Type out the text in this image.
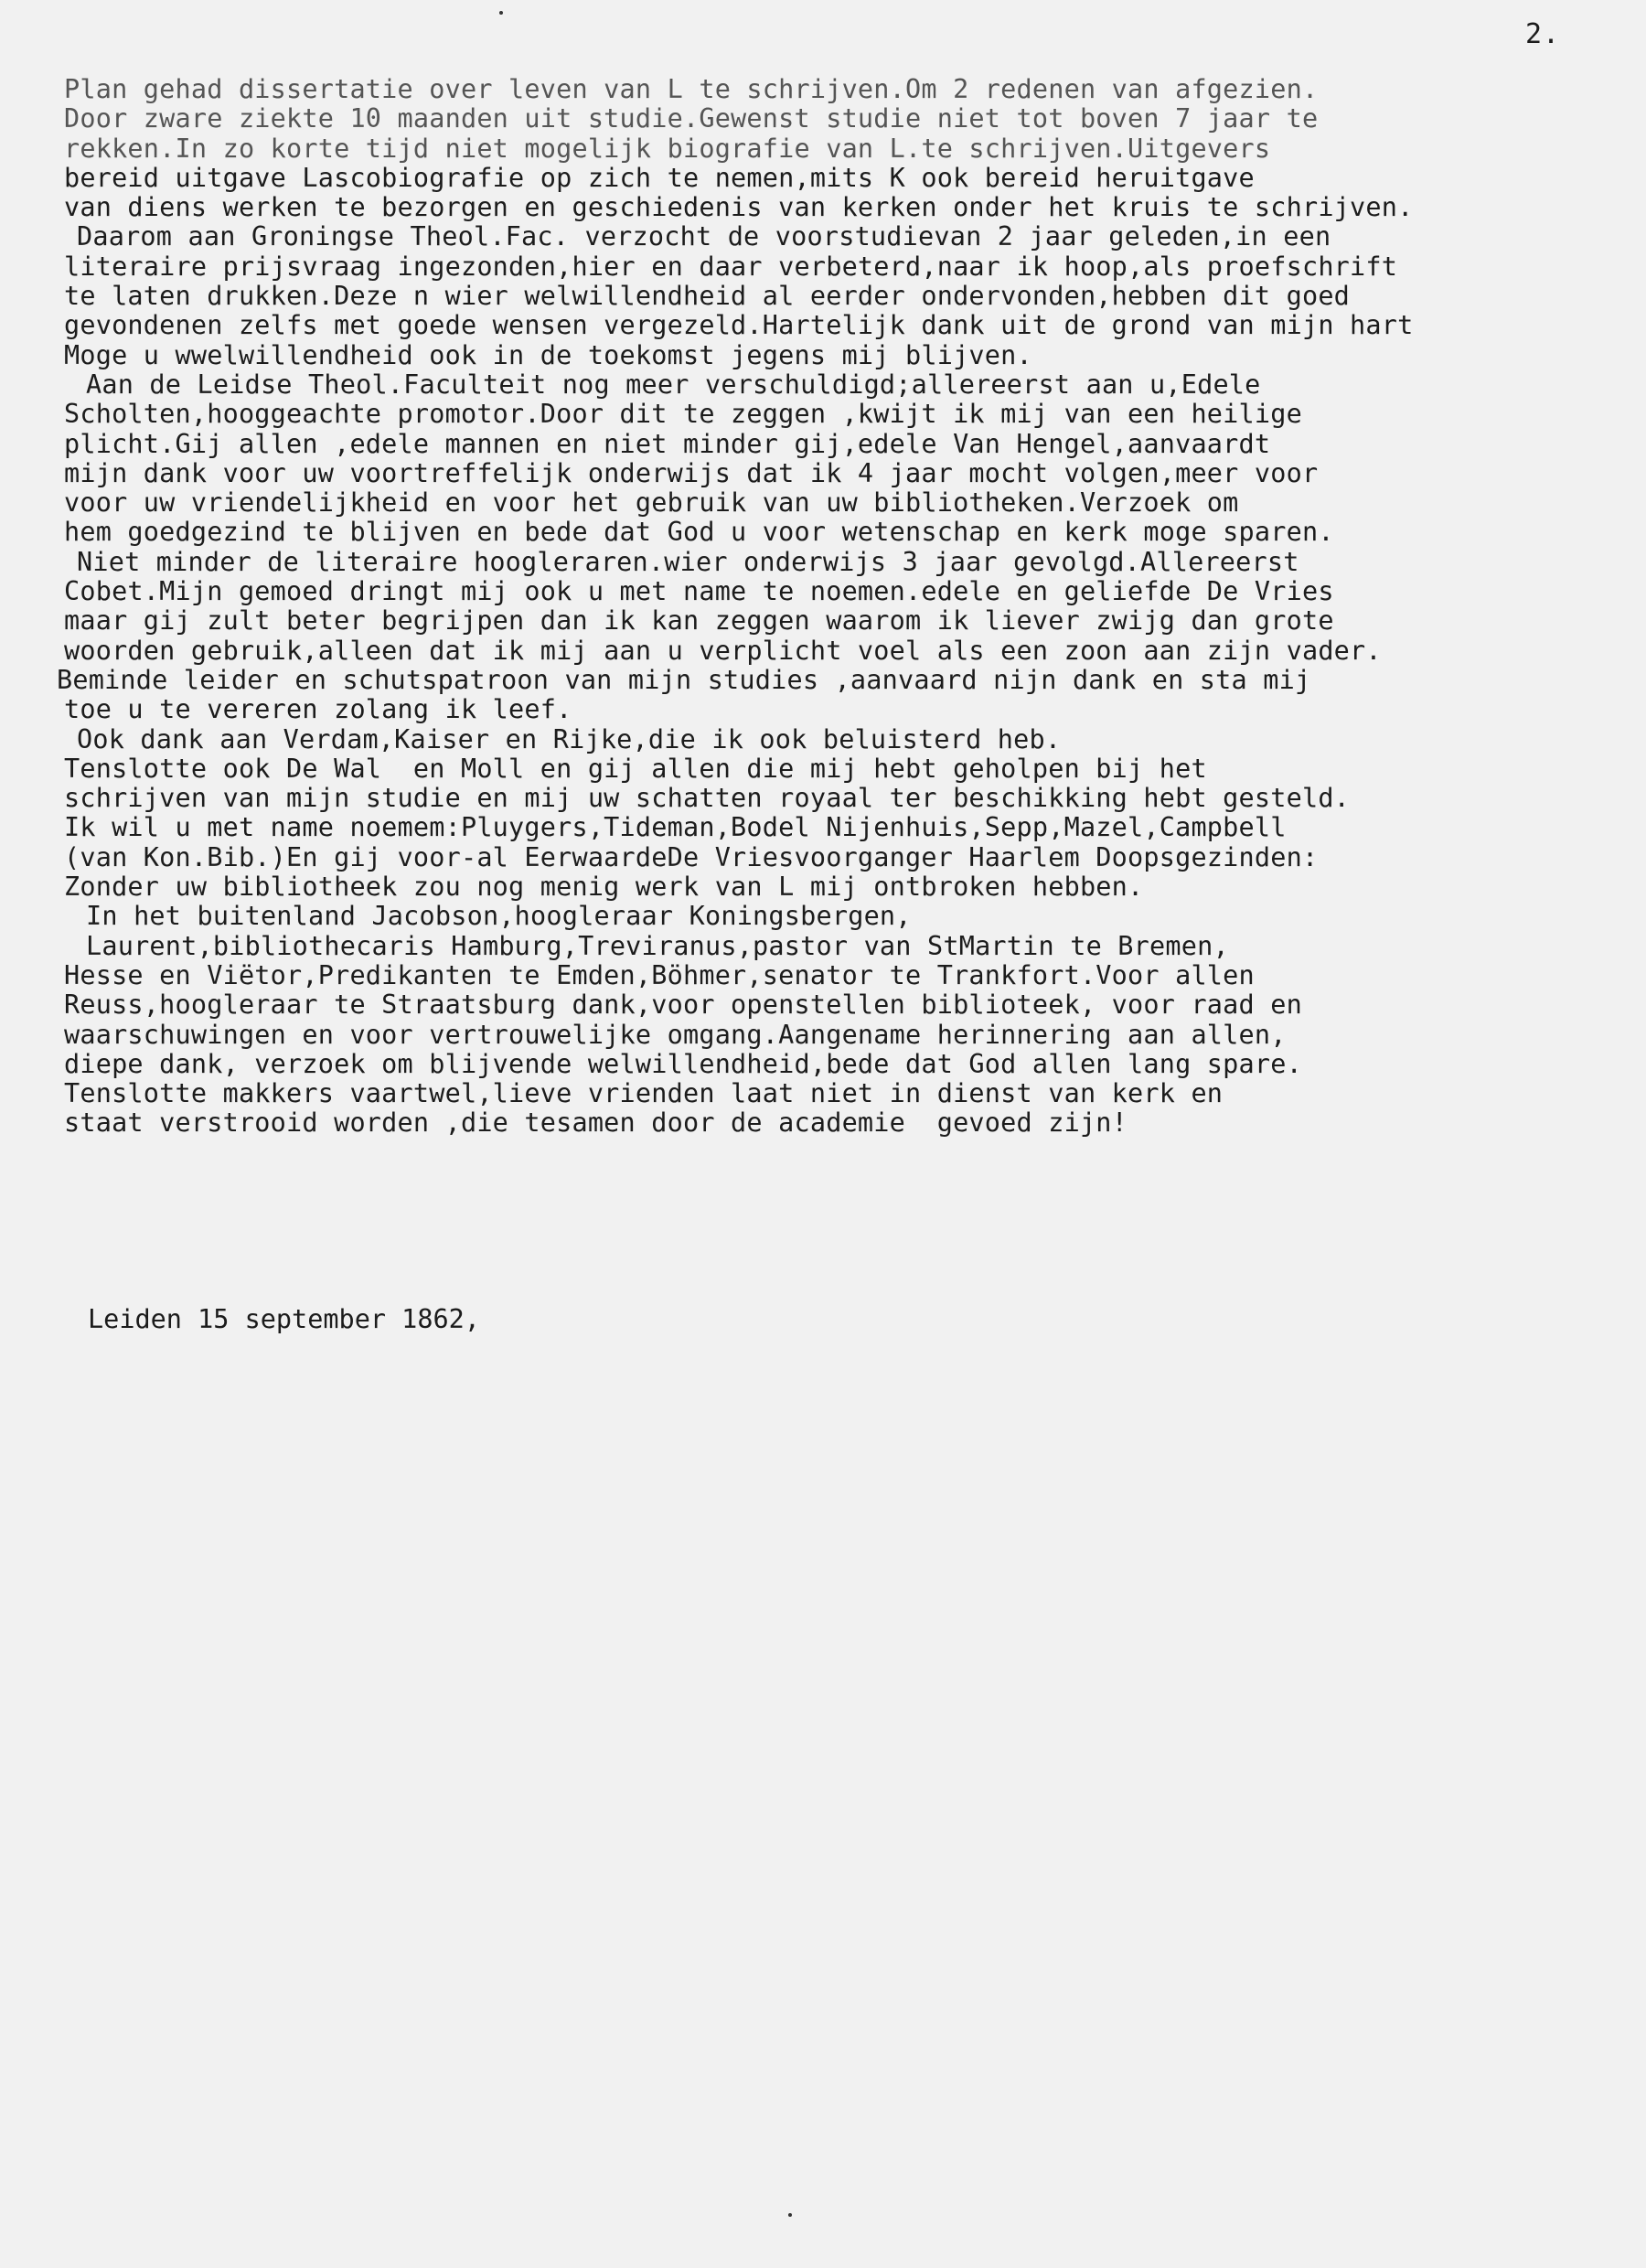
2.
Plan gehad dissertatie over leven van L te schrijven.Om 2 redenen van afgezien.
Door zware ziekte 10 maanden uit studie.Gewenst studie niet tot boven 7 jaar te
rekken.In zo korte tijd niet mogelijk biografie van L.te schrijven.Uitgevers
bereid uitgave Lascobiografie op zich te nemen,mits K ook bereid heruitgave
van diens werken te bezorgen en geschiedenis van kerken onder het kruis te schrijven.
Daarom aan Groningse Theol.Fac. verzocht de voorstudievan 2 jaar geleden,in een
literaire prijsvraag ingezonden,hier en daar verbeterd,naar ik hoop,als proefschrift
te laten drukken.Deze n wier welwillendheid al eerder ondervonden,hebben dit goed
gevondenen zelfs met goede wensen vergezeld.Hartelijk dank uit de grond van mijn hart
Moge u wwelwillendheid ook in de toekomst jegens mij blijven.
Aan de Leidse Theol.Faculteit nog meer verschuldigd;allereerst aan u,Edele
Scholten,hooggeachte promotor.Door dit te zeggen ,kwijt ik mij van een heilige
plicht.Gij allen ,edele mannen en niet minder gij,edele Van Hengel,aanvaardt
mijn dank voor uw voortreffelijk onderwijs dat ik 4 jaar mocht volgen,meer voor
voor uw vriendelijkheid en voor het gebruik van uw bibliotheken.Verzoek om
hem goedgezind te blijven en bede dat God u voor wetenschap en kerk moge sparen.
Niet minder de literaire hoogleraren.wier onderwijs 3 jaar gevolgd.Allereerst
Cobet.Mijn gemoed dringt mij ook u met name te noemen.edele en geliefde De Vries
maar gij zult beter begrijpen dan ik kan zeggen waarom ik liever zwijg dan grote
woorden gebruik,alleen dat ik mij aan u verplicht voel als een zoon aan zijn vader.
Beminde leider en schutspatroon van mijn studies ,aanvaard nijn dank en sta mij
toe u te vereren zolang ik leef.
Ook dank aan Verdam,Kaiser en Rijke,die ik ook beluisterd heb.
Tenslotte ook De Wal  en Moll en gij allen die mij hebt geholpen bij het
schrijven van mijn studie en mij uw schatten royaal ter beschikking hebt gesteld.
Ik wil u met name noemem:Pluygers,Tideman,Bodel Nijenhuis,Sepp,Mazel,Campbell
(van Kon.Bib.)En gij voor-al EerwaardeDe Vriesvoorganger Haarlem Doopsgezinden:
Zonder uw bibliotheek zou nog menig werk van L mij ontbroken hebben.
In het buitenland Jacobson,hoogleraar Koningsbergen,
Laurent,bibliothecaris Hamburg,Treviranus,pastor van StMartin te Bremen,
Hesse en Viëtor,Predikanten te Emden,Böhmer,senator te Trankfort.Voor allen
Reuss,hoogleraar te Straatsburg dank,voor openstellen biblioteek, voor raad en
waarschuwingen en voor vertrouwelijke omgang.Aangename herinnering aan allen,
diepe dank, verzoek om blijvende welwillendheid,bede dat God allen lang spare.
Tenslotte makkers vaartwel,lieve vrienden laat niet in dienst van kerk en
staat verstrooid worden ,die tesamen door de academie  gevoed zijn!
Leiden 15 september 1862,
